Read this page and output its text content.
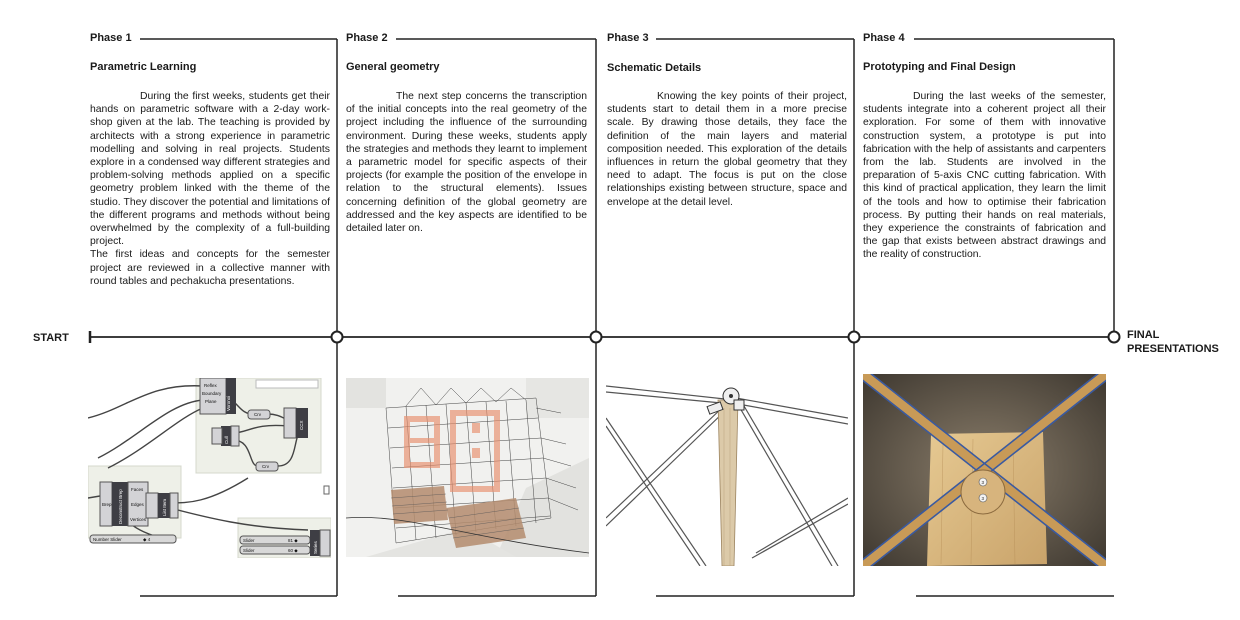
Phase 1	Phase 2	Phase 3	Phase 4
Parametric Learning	General geometry	Schematic Details	Prototyping and Final Design

During the first weeks, students get their hands on parametric software with a 2-day work-shop given at the lab. The teaching is provided by architects with a strong experience in parametric modelling and solving in real projects. Students explore in a condensed way different strategies and problem-solving methods applied on a specific geometry problem linked with the theme of the studio. They discover the potential and limitations of the different programs and methods without being overwhelmed by the complexity of a full-building project.

The first ideas and concepts for the semester project are reviewed in a collective manner with round tables and pechakucha presentations.

The next step concerns the transcription of the initial concepts into the real geometry of the project including the influence of the surrounding environment. During these weeks, students apply the strategies and methods they learnt to implement a parametric model for specific aspects of their projects (for example the position of the envelope in relation to the structural elements). Issues concerning definition of the global geometry are addressed and the key aspects are identified to be detailed later on.
Knowing the key points of their project, students start to detail them in a more precise scale. By drawing those details, they face the definition of the main layers and material composition needed. This exploration of the details influences in return the global geometry that they need to adapt. The focus is put on the close relationships existing between structure, space and envelope at the detail level.
During the last weeks of the semester, students integrate into a coherent project all their exploration. For some of them with innovative construction system, a prototype is put into fabrication with the help of assistants and carpenters from the lab. Students are involved in the preparation of 5-axis CNC cutting fabrication. With this kind of practical application, they learn the limit of the tools and how to optimise their fabrication process. By putting their hands on real materials, they experience the constraints of fabrication and the gap that exists between abstract drawings and the reality of construction.
START	FINAL
PRESENTATIONS
Reflex
Boundary
Plane Voronoi
Crv
CCX
Cull
Crv
Deconstruct Brep Faces
Brep	Edges
Vertices
List Item
Number Slider	Slider
Slider	Series
◆ 4	81 ◆
60 ◆
3
3
